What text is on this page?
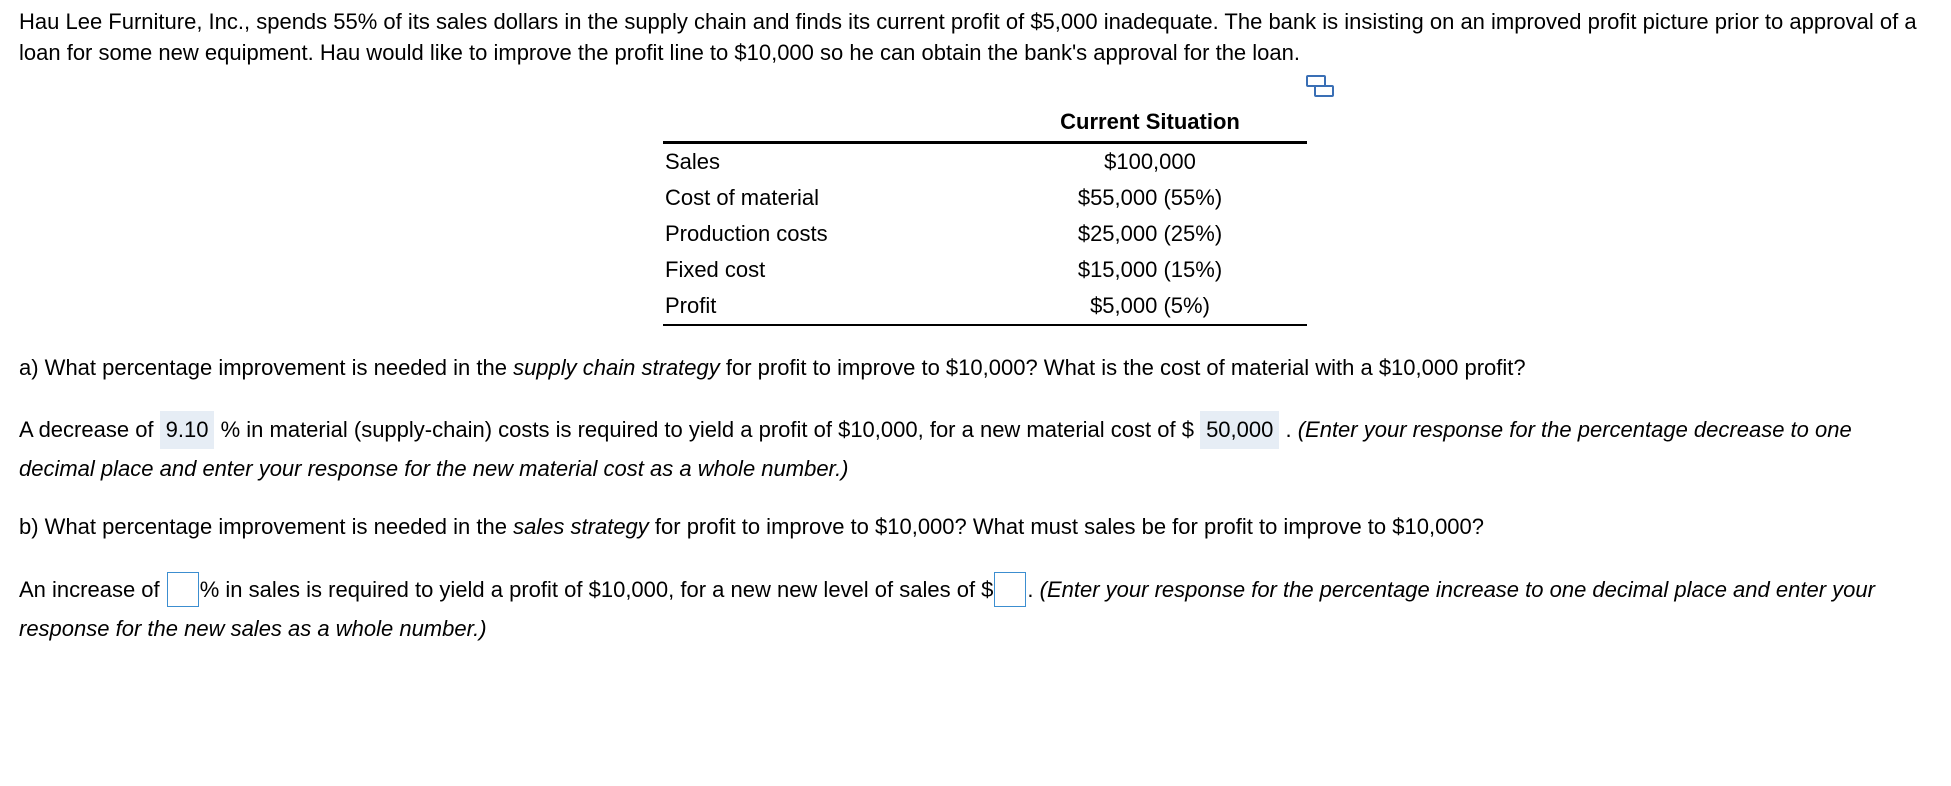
Hau Lee Furniture, Inc., spends 55% of its sales dollars in the supply chain and finds its current profit of $5,000 inadequate. The bank is insisting on an improved profit picture prior to approval of a loan for some new equipment. Hau would like to improve the profit line to $10,000 so he can obtain the bank's approval for the loan.
	Current Situation
Sales	$100,000
Cost of material	$55,000 (55%)
Production costs	$25,000 (25%)
Fixed cost	$15,000 (15%)
Profit	$5,000 (5%)
a) What percentage improvement is needed in the supply chain strategy for profit to improve to $10,000? What is the cost of material with a $10,000 profit?
A decrease of 9.10 % in material (supply-chain) costs is required to yield a profit of $10,000, for a new material cost of $ 50,000 . (Enter your response for the percentage decrease to one decimal place and enter your response for the new material cost as a whole number.)
b) What percentage improvement is needed in the sales strategy for profit to improve to $10,000? What must sales be for profit to improve to $10,000?
An increase of % in sales is required to yield a profit of $10,000, for a new new level of sales of $ . (Enter your response for the percentage increase to one decimal place and enter your response for the new sales as a whole number.)
